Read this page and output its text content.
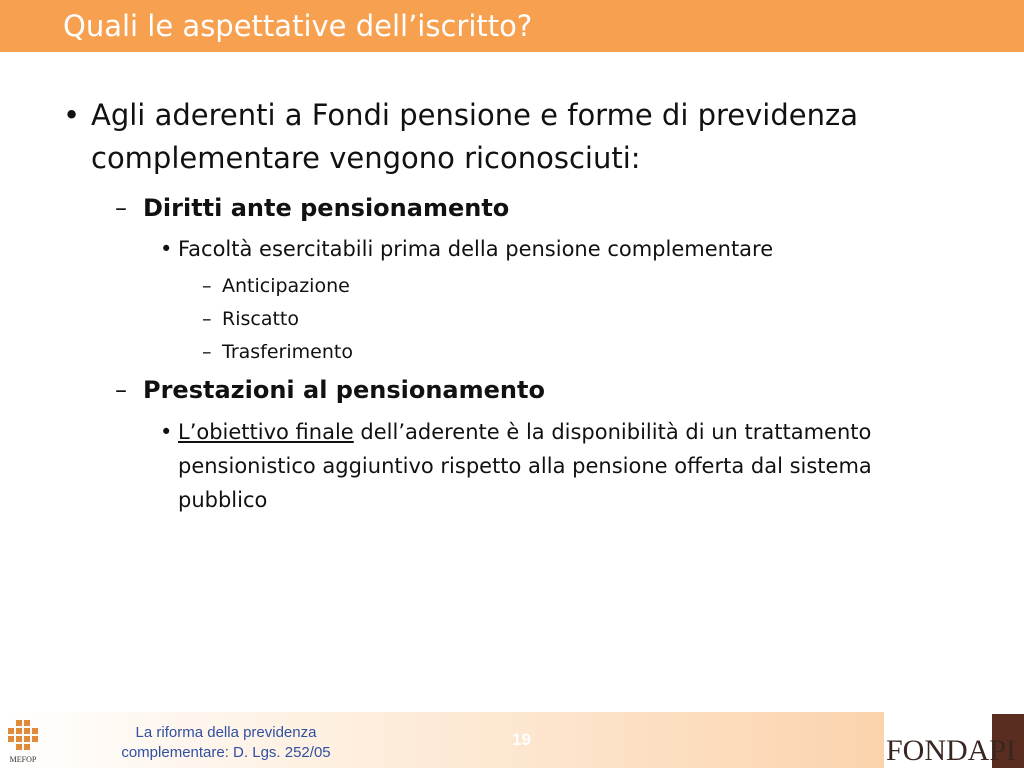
Quali le aspettative dell’iscritto?
• Agli aderenti a Fondi pensione e forme di previdenza complementare vengono riconosciuti:
– Diritti ante pensionamento
• Facoltà esercitabili prima della pensione complementare
– Anticipazione
– Riscatto
– Trasferimento
– Prestazioni al pensionamento
• L’obiettivo finale dell’aderente è la disponibilità di un trattamento pensionistico aggiuntivo rispetto alla pensione offerta dal sistema pubblico
MEFOP
La riforma della previdenza complementare: D. Lgs. 252/05
19	FONDAPI
